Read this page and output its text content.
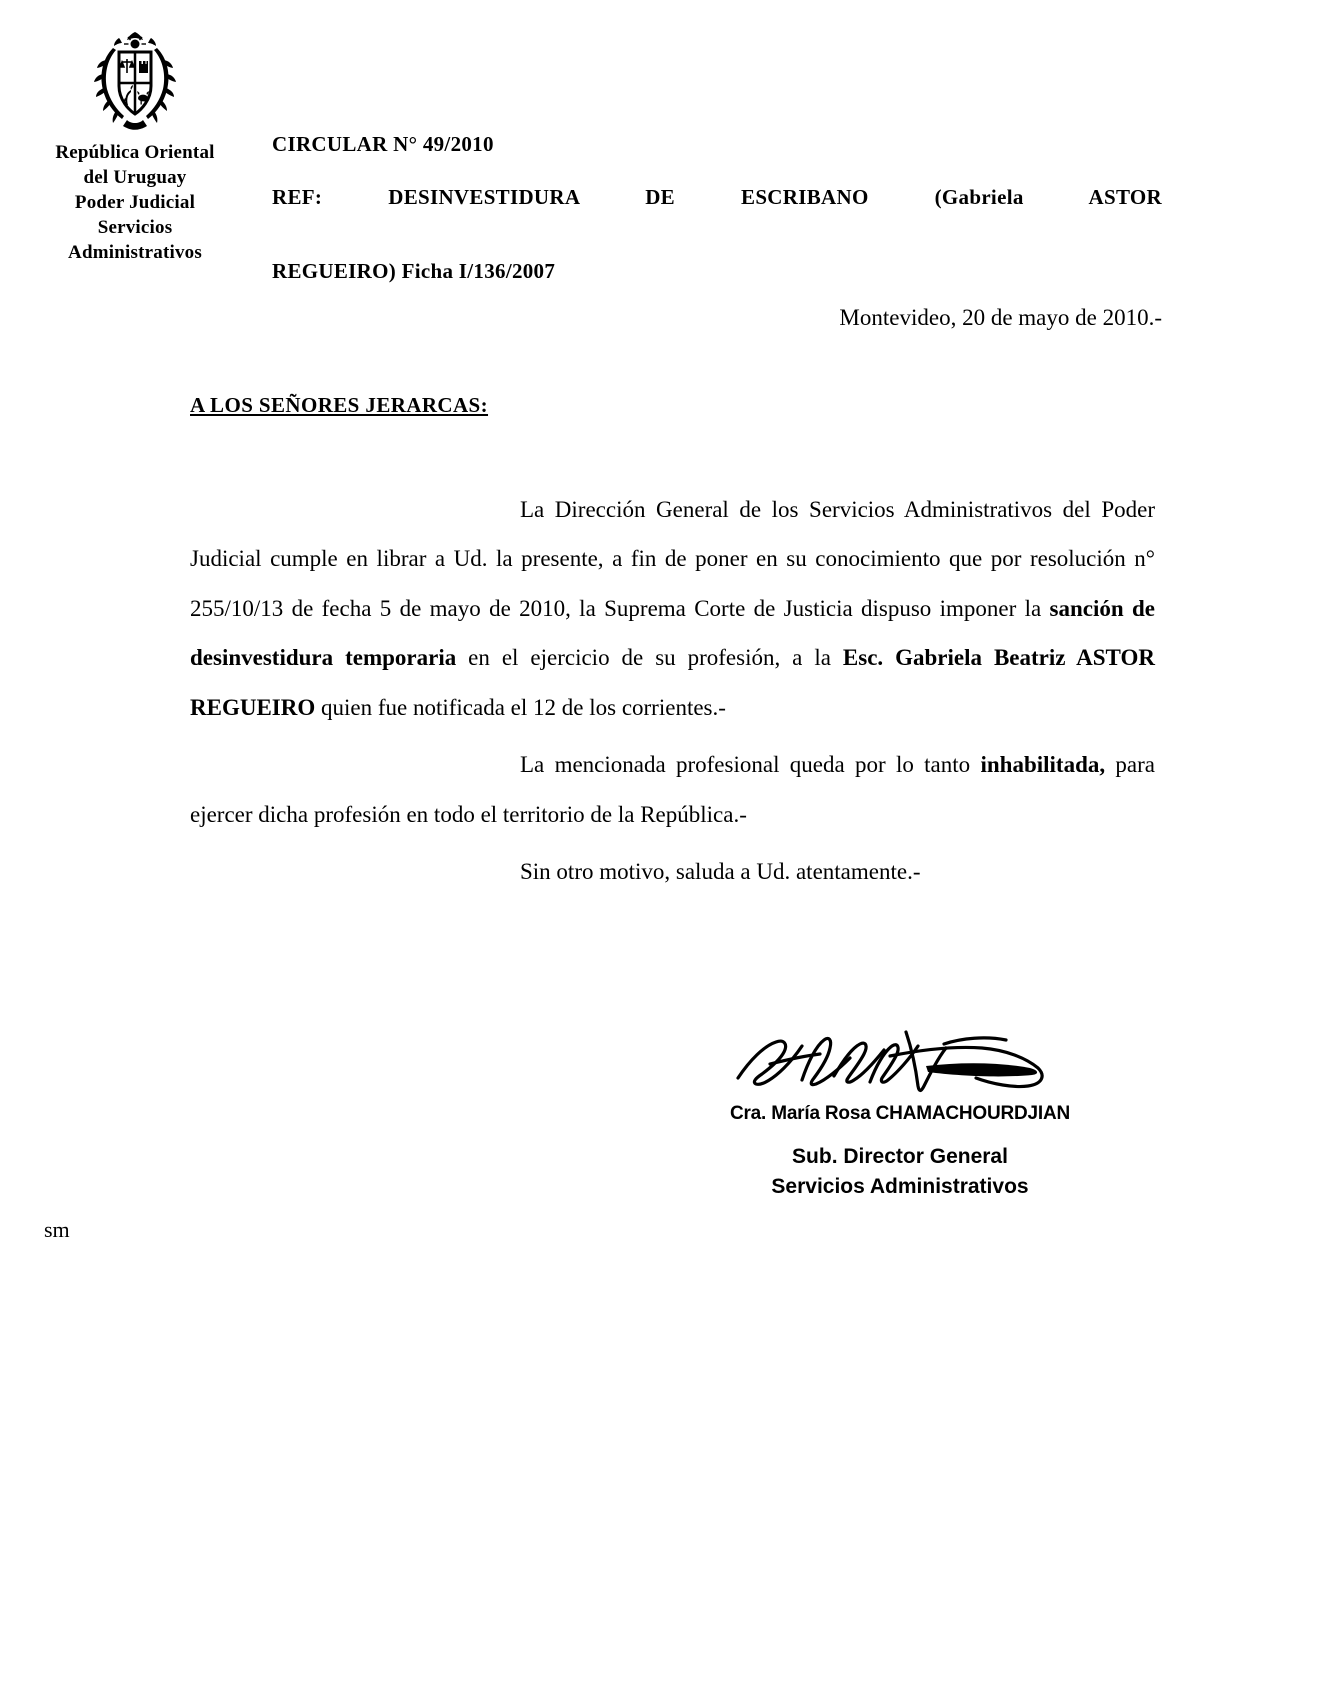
República Oriental
del Uruguay
Poder Judicial
Servicios
Administrativos
CIRCULAR N° 49/2010
REF:	DESINVESTIDURA	DE	ESCRIBANO	(Gabriela	ASTOR
REGUEIRO) Ficha I/136/2007
Montevideo, 20 de mayo de 2010.-
A LOS SEÑORES JERARCAS:

La Dirección General de los Servicios Administrativos del Poder Judicial cumple en librar a Ud. la presente, a fin de poner en su conocimiento que por resolución n° 255/10/13 de fecha 5 de mayo de 2010, la Suprema Corte de Justicia dispuso imponer la sanción de desinvestidura temporaria en el ejercicio de su profesión, a la Esc. Gabriela Beatriz ASTOR REGUEIRO quien fue notificada el 12 de los corrientes.-

La mencionada profesional queda por lo tanto inhabilitada, para ejercer dicha profesión en todo el territorio de la República.-

Sin otro motivo, saluda a Ud. atentamente.-

Cra. María Rosa CHAMACHOURDJIAN
Sub. Director General
Servicios Administrativos
sm
